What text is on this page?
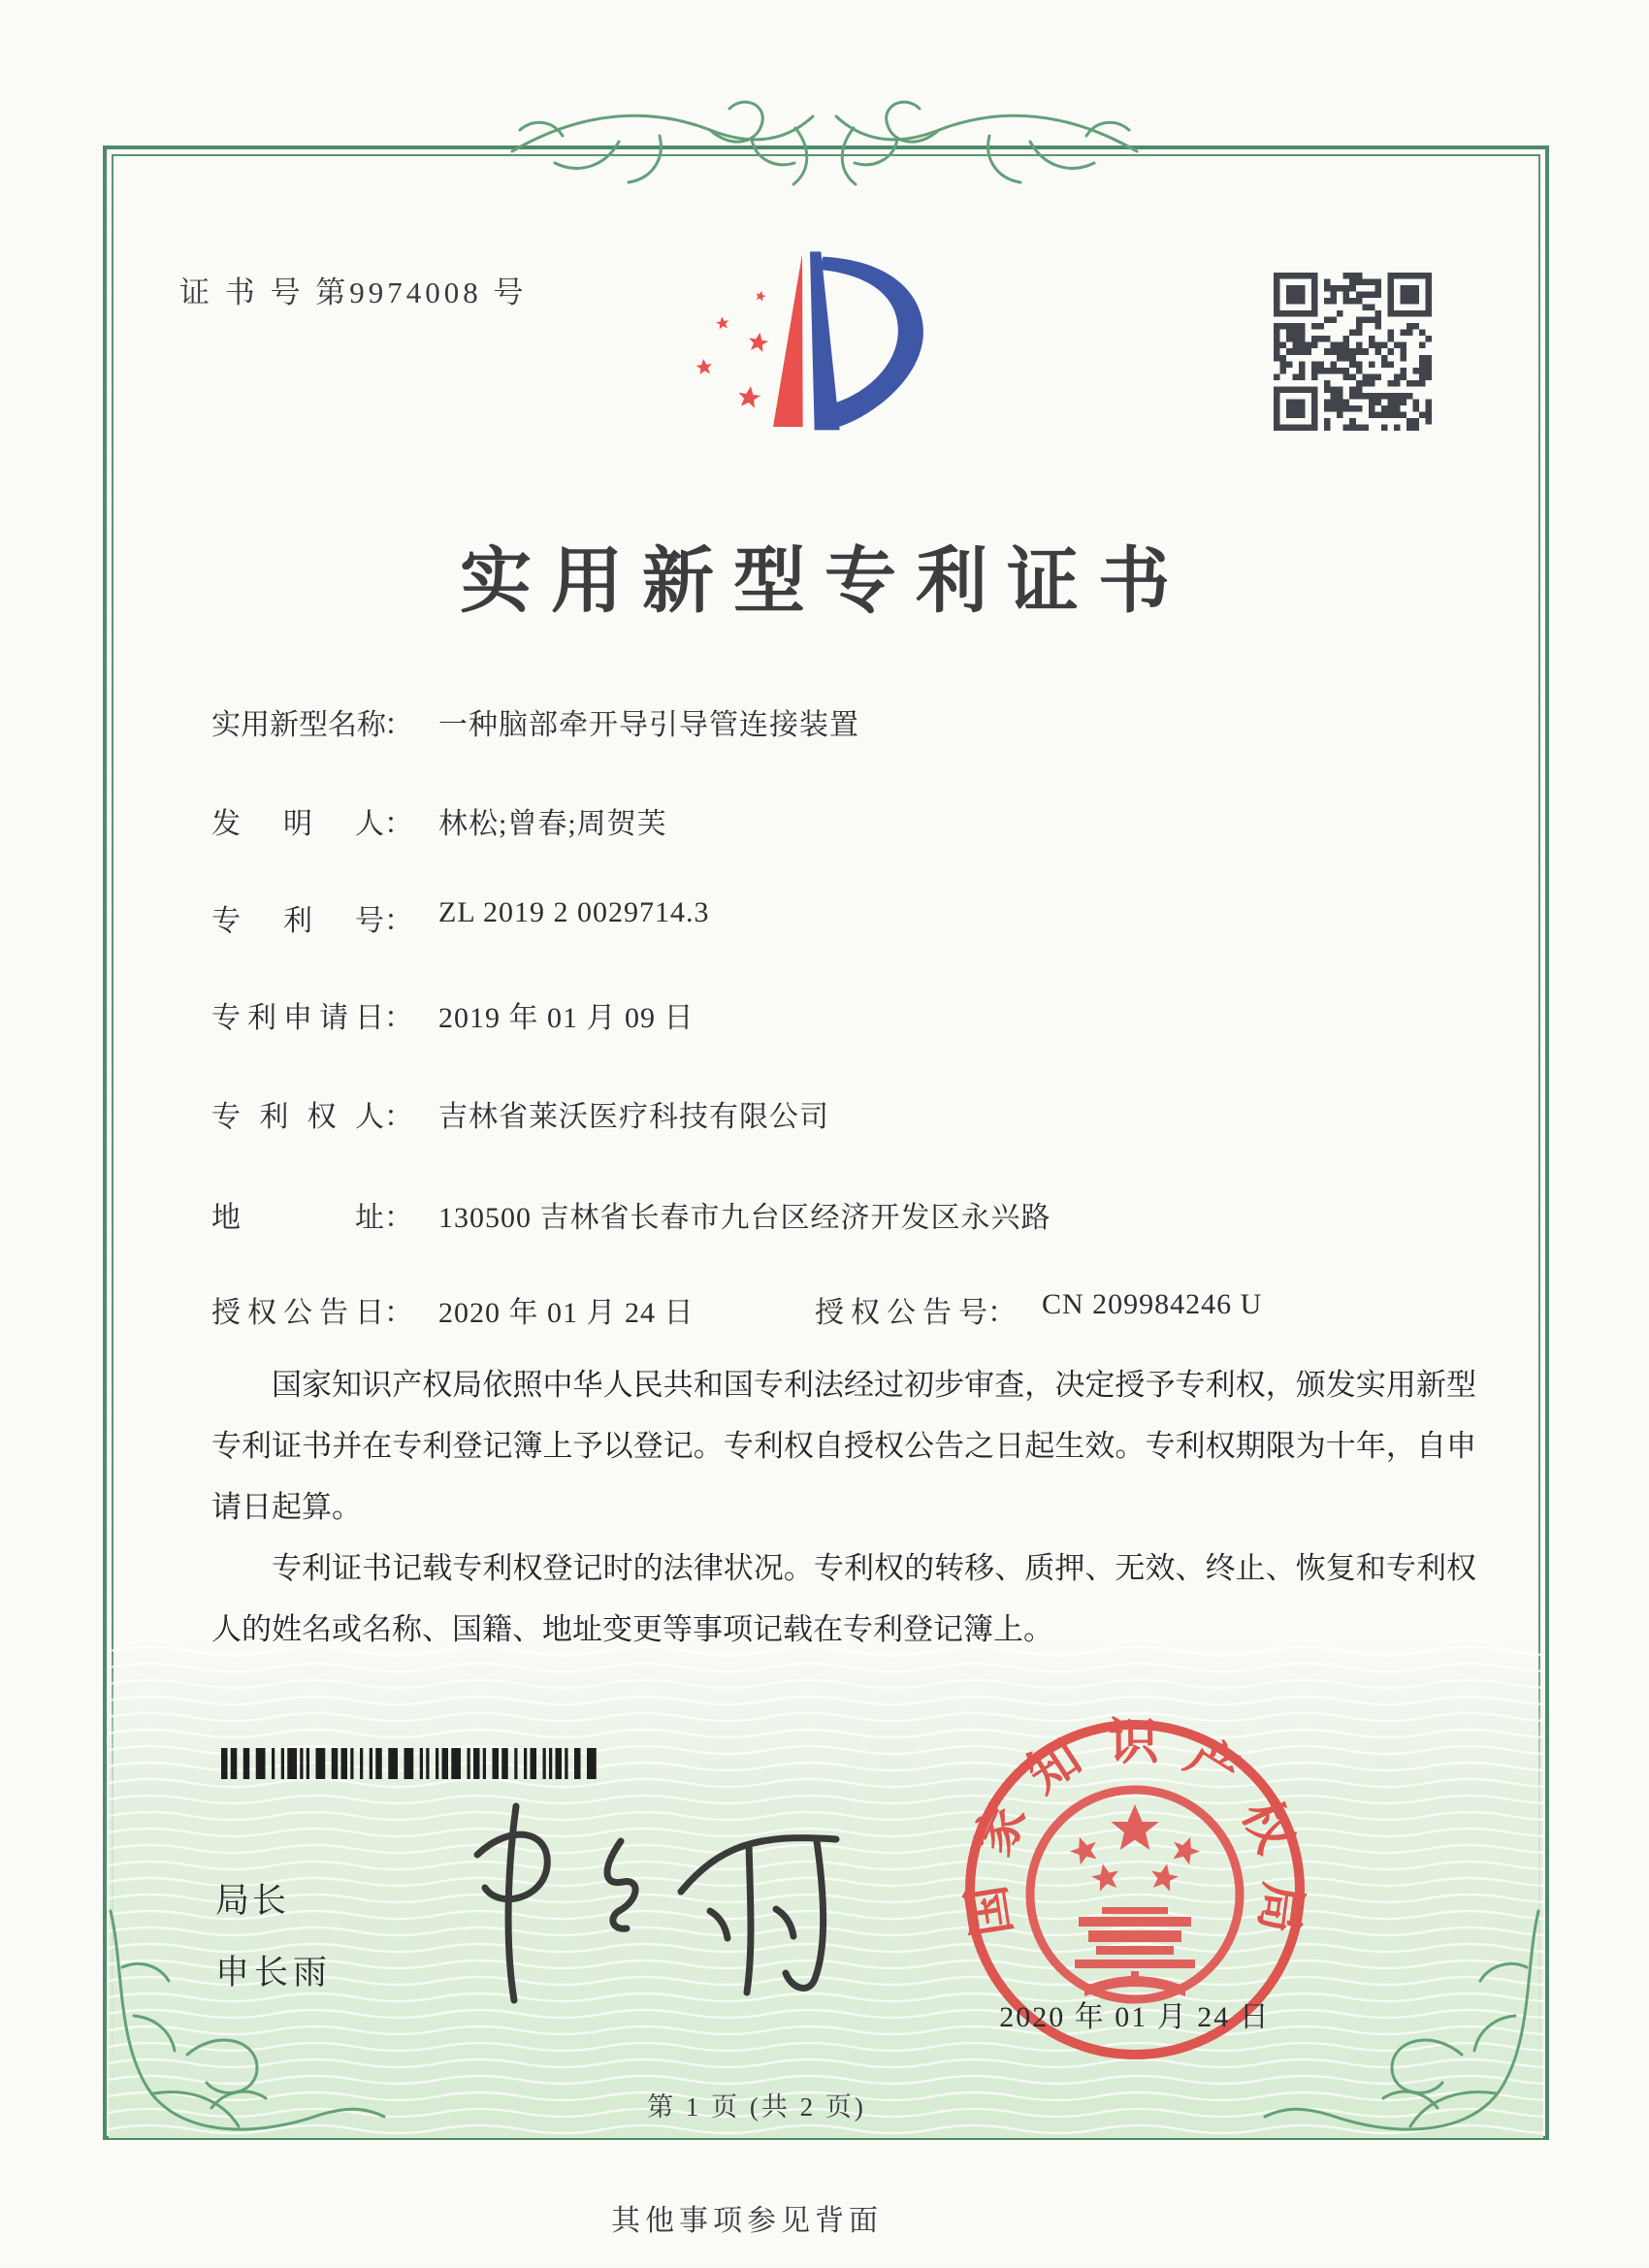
证 书 号 第9974008 号
实用新型专利证书
实用新型名称： 一种脑部牵开导引导管连接装置
发明人： 林松;曾春;周贺芙
专利号： ZL 2019 2 0029714.3
专利申请日： 2019 年 01 月 09 日
专利权人： 吉林省莱沃医疗科技有限公司
地址： 130500 吉林省长春市九台区经济开发区永兴路
授权公告日： 2020 年 01 月 24 日	授权公告号： CN 209984246 U

国家知识产权局依照中华人民共和国专利法经过初步审查，决定授予专利权，颁发实用新型专利证书并在专利登记簿上予以登记。专利权自授权公告之日起生效。专利权期限为十年，自申请日起算。

专利证书记载专利权登记时的法律状况。专利权的转移、质押、无效、终止、恢复和专利权人的姓名或名称、国籍、地址变更等事项记载在专利登记簿上。

局长
申长雨
国家知识产权局
2020 年 01 月 24 日
第 1 页 (共 2 页)
其他事项参见背面
